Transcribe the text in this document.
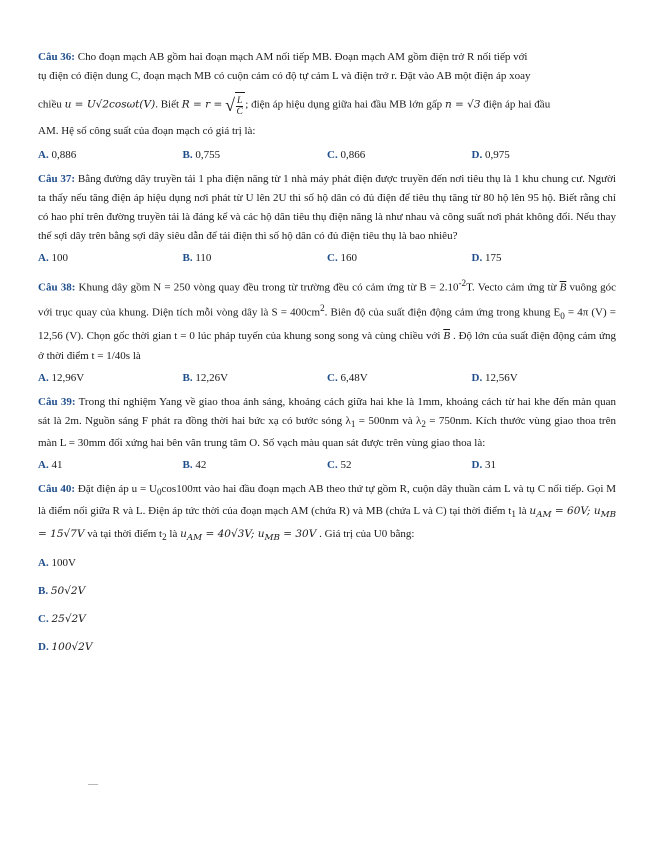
Câu 36: Cho đoạn mạch AB gồm hai đoạn mạch AM nối tiếp MB. Đoạn mạch AM gồm điện trở R nối tiếp với
tụ điện có điện dung C, đoạn mạch MB có cuộn cảm có độ tự cảm L và điện trở r. Đặt vào AB một điện áp xoay
chiều u = U√2cosωt(V). Biết R = r = √ $\frac{L}{C}$ ; điện áp hiệu dụng giữa hai đầu MB lớn gấp n = √3 điện áp hai đầu
AM. Hệ số công suất của đoạn mạch có giá trị là:
A. 0,886	B. 0,755	C. 0,866	D. 0,975
Câu 37: Bằng đường dây truyền tải 1 pha điện năng từ 1 nhà máy phát điện được truyền đến nơi tiêu thụ là 1 khu chung cư. Người ta thấy nếu tăng điện áp hiệu dụng nơi phát từ U lên 2U thì số hộ dân có đủ điện để tiêu thụ tăng từ 80 hộ lên 95 hộ. Biết rằng chỉ có hao phí trên đường truyền tải là đáng kể và các hộ dân tiêu thụ điện năng là như nhau và công suất nơi phát không đổi. Nếu thay thế sợi dây trên bằng sợi dây siêu dẫn để tải điện thì số hộ dân có đủ điện tiêu thụ là bao nhiêu?
A. 100	B. 110	C. 160	D. 175
Câu 38: Khung dây gồm N = 250 vòng quay đều trong từ trường đều có cảm ứng từ $B = 2.10^{-2}T$. Vecto cảm ứng từ $\overline{B}$ vuông góc với trục quay của khung. Diện tích mỗi vòng dây là $S = 400cm^2$. Biên độ của suất điện động cảm ứng trong khung $E_0 = 4\pi$ (V) = 12,56 (V). Chọn gốc thời gian t = 0 lúc pháp tuyến của khung song song và cùng chiều với $\overline{B}$ . Độ lớn của suất điện động cảm ứng ở thời điểm t = 1/40s là
A. 12,96V	B. 12,26V	C. 6,48V	D. 12,56V
Câu 39: Trong thí nghiệm Yang về giao thoa ánh sáng, khoảng cách giữa hai khe là 1mm, khoảng cách từ hai khe đến màn quan sát là 2m. Nguồn sáng F phát ra đồng thời hai bức xạ có bước sóng $\lambda_1 = 500nm$ và $\lambda_2 = 750nm$. Kích thước vùng giao thoa trên màn L = 30mm đối xứng hai bên vân trung tâm O. Số vạch màu quan sát được trên vùng giao thoa là:
A. 41	B. 42	C. 52	D. 31
Câu 40: Đặt điện áp $u = U_0\cos 100\pi t$ vào hai đầu đoạn mạch AB theo thứ tự gồm R, cuộn dây thuần cảm L và tụ C nối tiếp. Gọi M là điểm nối giữa R và L. Điện áp tức thời của đoạn mạch AM (chứa R) và MB (chứa L và C) tại thời điểm $t_1$ là $u_{AM} = 60V$; $u_{MB} = 15√7V$ và tại thời điểm $t_2$ là $u_{AM} = 40√3V$; $u_{MB} = 30V$ . Giá trị của U0 bằng:
A. 100V
B. 50√2V
C. 25√2V
D. 100√2V
—
